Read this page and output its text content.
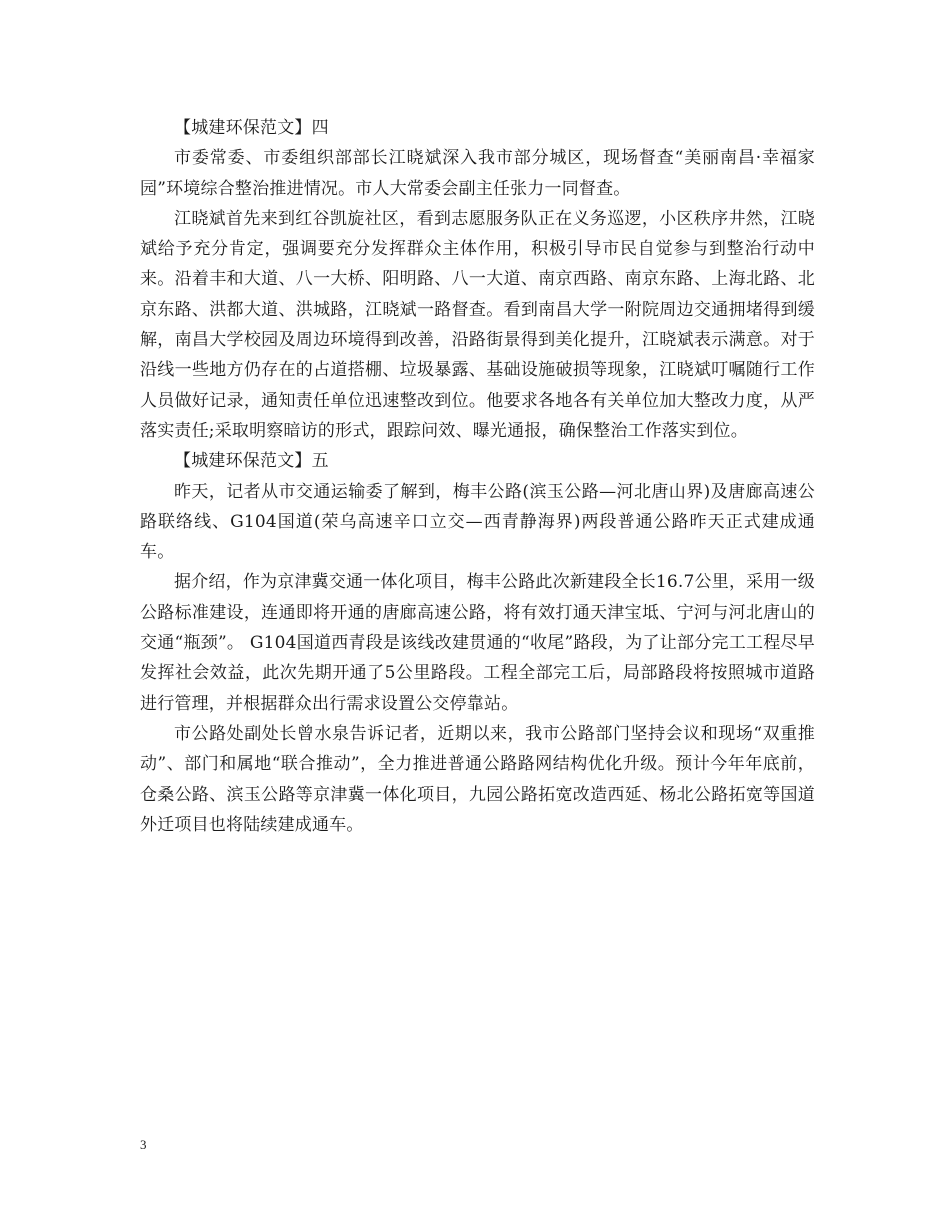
【城建环保范文】四

市委常委、市委组织部部长江晓斌深入我市部分城区，现场督查“美丽南昌·幸福家园”环境综合整治推进情况。市人大常委会副主任张力一同督查。

江晓斌首先来到红谷凯旋社区，看到志愿服务队正在义务巡逻，小区秩序井然，江晓斌给予充分肯定，强调要充分发挥群众主体作用，积极引导市民自觉参与到整治行动中来。沿着丰和大道、八一大桥、阳明路、八一大道、南京西路、南京东路、上海北路、北京东路、洪都大道、洪城路，江晓斌一路督查。看到南昌大学一附院周边交通拥堵得到缓解，南昌大学校园及周边环境得到改善，沿路街景得到美化提升，江晓斌表示满意。对于沿线一些地方仍存在的占道搭棚、垃圾暴露、基础设施破损等现象，江晓斌叮嘱随行工作人员做好记录，通知责任单位迅速整改到位。他要求各地各有关单位加大整改力度，从严落实责任;采取明察暗访的形式，跟踪问效、曝光通报，确保整治工作落实到位。

【城建环保范文】五

昨天，记者从市交通运输委了解到，梅丰公路(滨玉公路—河北唐山界)及唐廊高速公路联络线、G104国道(荣乌高速辛口立交—西青静海界)两段普通公路昨天正式建成通车。

据介绍，作为京津冀交通一体化项目，梅丰公路此次新建段全长16.7公里，采用一级公路标准建设，连通即将开通的唐廊高速公路，将有效打通天津宝坻、宁河与河北唐山的交通“瓶颈”。 G104国道西青段是该线改建贯通的“收尾”路段，为了让部分完工工程尽早发挥社会效益，此次先期开通了5公里路段。工程全部完工后，局部路段将按照城市道路进行管理，并根据群众出行需求设置公交停靠站。

市公路处副处长曾水泉告诉记者，近期以来，我市公路部门坚持会议和现场“双重推动”、部门和属地“联合推动”，全力推进普通公路路网结构优化升级。预计今年年底前，仓桑公路、滨玉公路等京津冀一体化项目，九园公路拓宽改造西延、杨北公路拓宽等国道外迁项目也将陆续建成通车。

3
